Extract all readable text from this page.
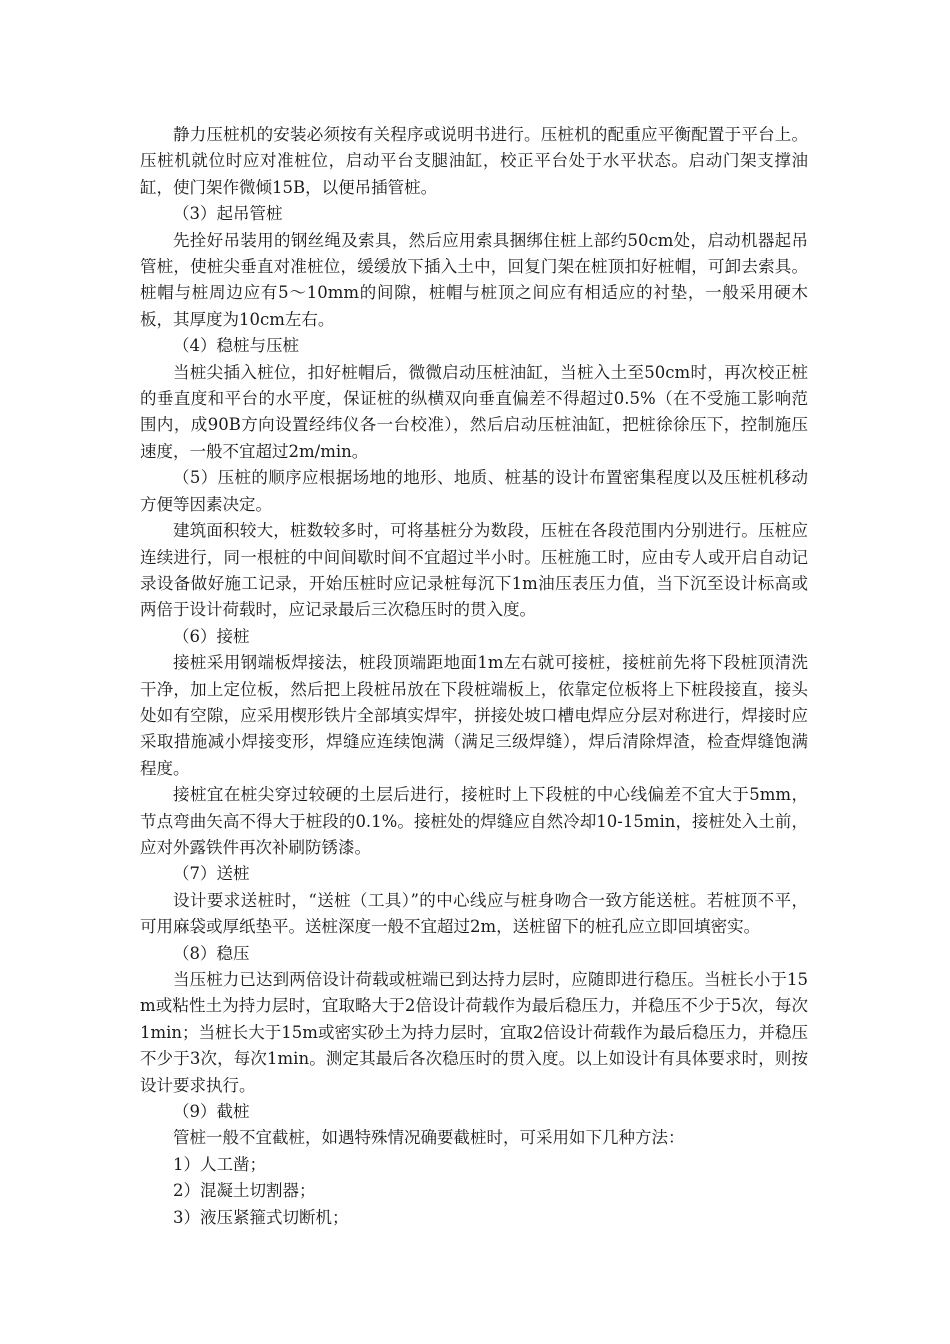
静力压桩机的安装必须按有关程序或说明书进行。压桩机的配重应平衡配置于平台上。压桩机就位时应对准桩位，启动平台支腿油缸，校正平台处于水平状态。启动门架支撑油缸，使门架作微倾15B，以便吊插管桩。

（3）起吊管桩

先拴好吊装用的钢丝绳及索具，然后应用索具捆绑住桩上部约50cm处，启动机器起吊管桩，使桩尖垂直对准桩位，缓缓放下插入土中，回复门架在桩顶扣好桩帽，可卸去索具。桩帽与桩周边应有5～10mm的间隙，桩帽与桩顶之间应有相适应的衬垫，一般采用硬木板，其厚度为10cm左右。

（4）稳桩与压桩

当桩尖插入桩位，扣好桩帽后，微微启动压桩油缸，当桩入土至50cm时，再次校正桩的垂直度和平台的水平度，保证桩的纵横双向垂直偏差不得超过0.5%（在不受施工影响范围内，成90B方向设置经纬仪各一台校准），然后启动压桩油缸，把桩徐徐压下，控制施压速度，一般不宜超过2m/min。

（5）压桩的顺序应根据场地的地形、地质、桩基的设计布置密集程度以及压桩机移动方便等因素决定。

建筑面积较大，桩数较多时，可将基桩分为数段，压桩在各段范围内分别进行。压桩应连续进行，同一根桩的中间间歇时间不宜超过半小时。压桩施工时，应由专人或开启自动记录设备做好施工记录，开始压桩时应记录桩每沉下1m油压表压力值，当下沉至设计标高或两倍于设计荷载时，应记录最后三次稳压时的贯入度。

（6）接桩

接桩采用钢端板焊接法，桩段顶端距地面1m左右就可接桩，接桩前先将下段桩顶清洗干净，加上定位板，然后把上段桩吊放在下段桩端板上，依靠定位板将上下桩段接直，接头处如有空隙，应采用楔形铁片全部填实焊牢，拼接处坡口槽电焊应分层对称进行，焊接时应采取措施减小焊接变形，焊缝应连续饱满（满足三级焊缝），焊后清除焊渣，检查焊缝饱满程度。

接桩宜在桩尖穿过较硬的土层后进行，接桩时上下段桩的中心线偏差不宜大于5mm，节点弯曲矢高不得大于桩段的0.1%。接桩处的焊缝应自然冷却10-15min，接桩处入土前，应对外露铁件再次补刷防锈漆。

（7）送桩

设计要求送桩时，“送桩（工具）”的中心线应与桩身吻合一致方能送桩。若桩顶不平，可用麻袋或厚纸垫平。送桩深度一般不宜超过2m，送桩留下的桩孔应立即回填密实。

（8）稳压

当压桩力已达到两倍设计荷载或桩端已到达持力层时，应随即进行稳压。当桩长小于15m或粘性土为持力层时，宜取略大于2倍设计荷载作为最后稳压力，并稳压不少于5次，每次1min；当桩长大于15m或密实砂土为持力层时，宜取2倍设计荷载作为最后稳压力，并稳压不少于3次，每次1min。测定其最后各次稳压时的贯入度。以上如设计有具体要求时，则按设计要求执行。

（9）截桩

管桩一般不宜截桩，如遇特殊情况确要截桩时，可采用如下几种方法：

1）人工凿；

2）混凝土切割器；

3）液压紧箍式切断机；
